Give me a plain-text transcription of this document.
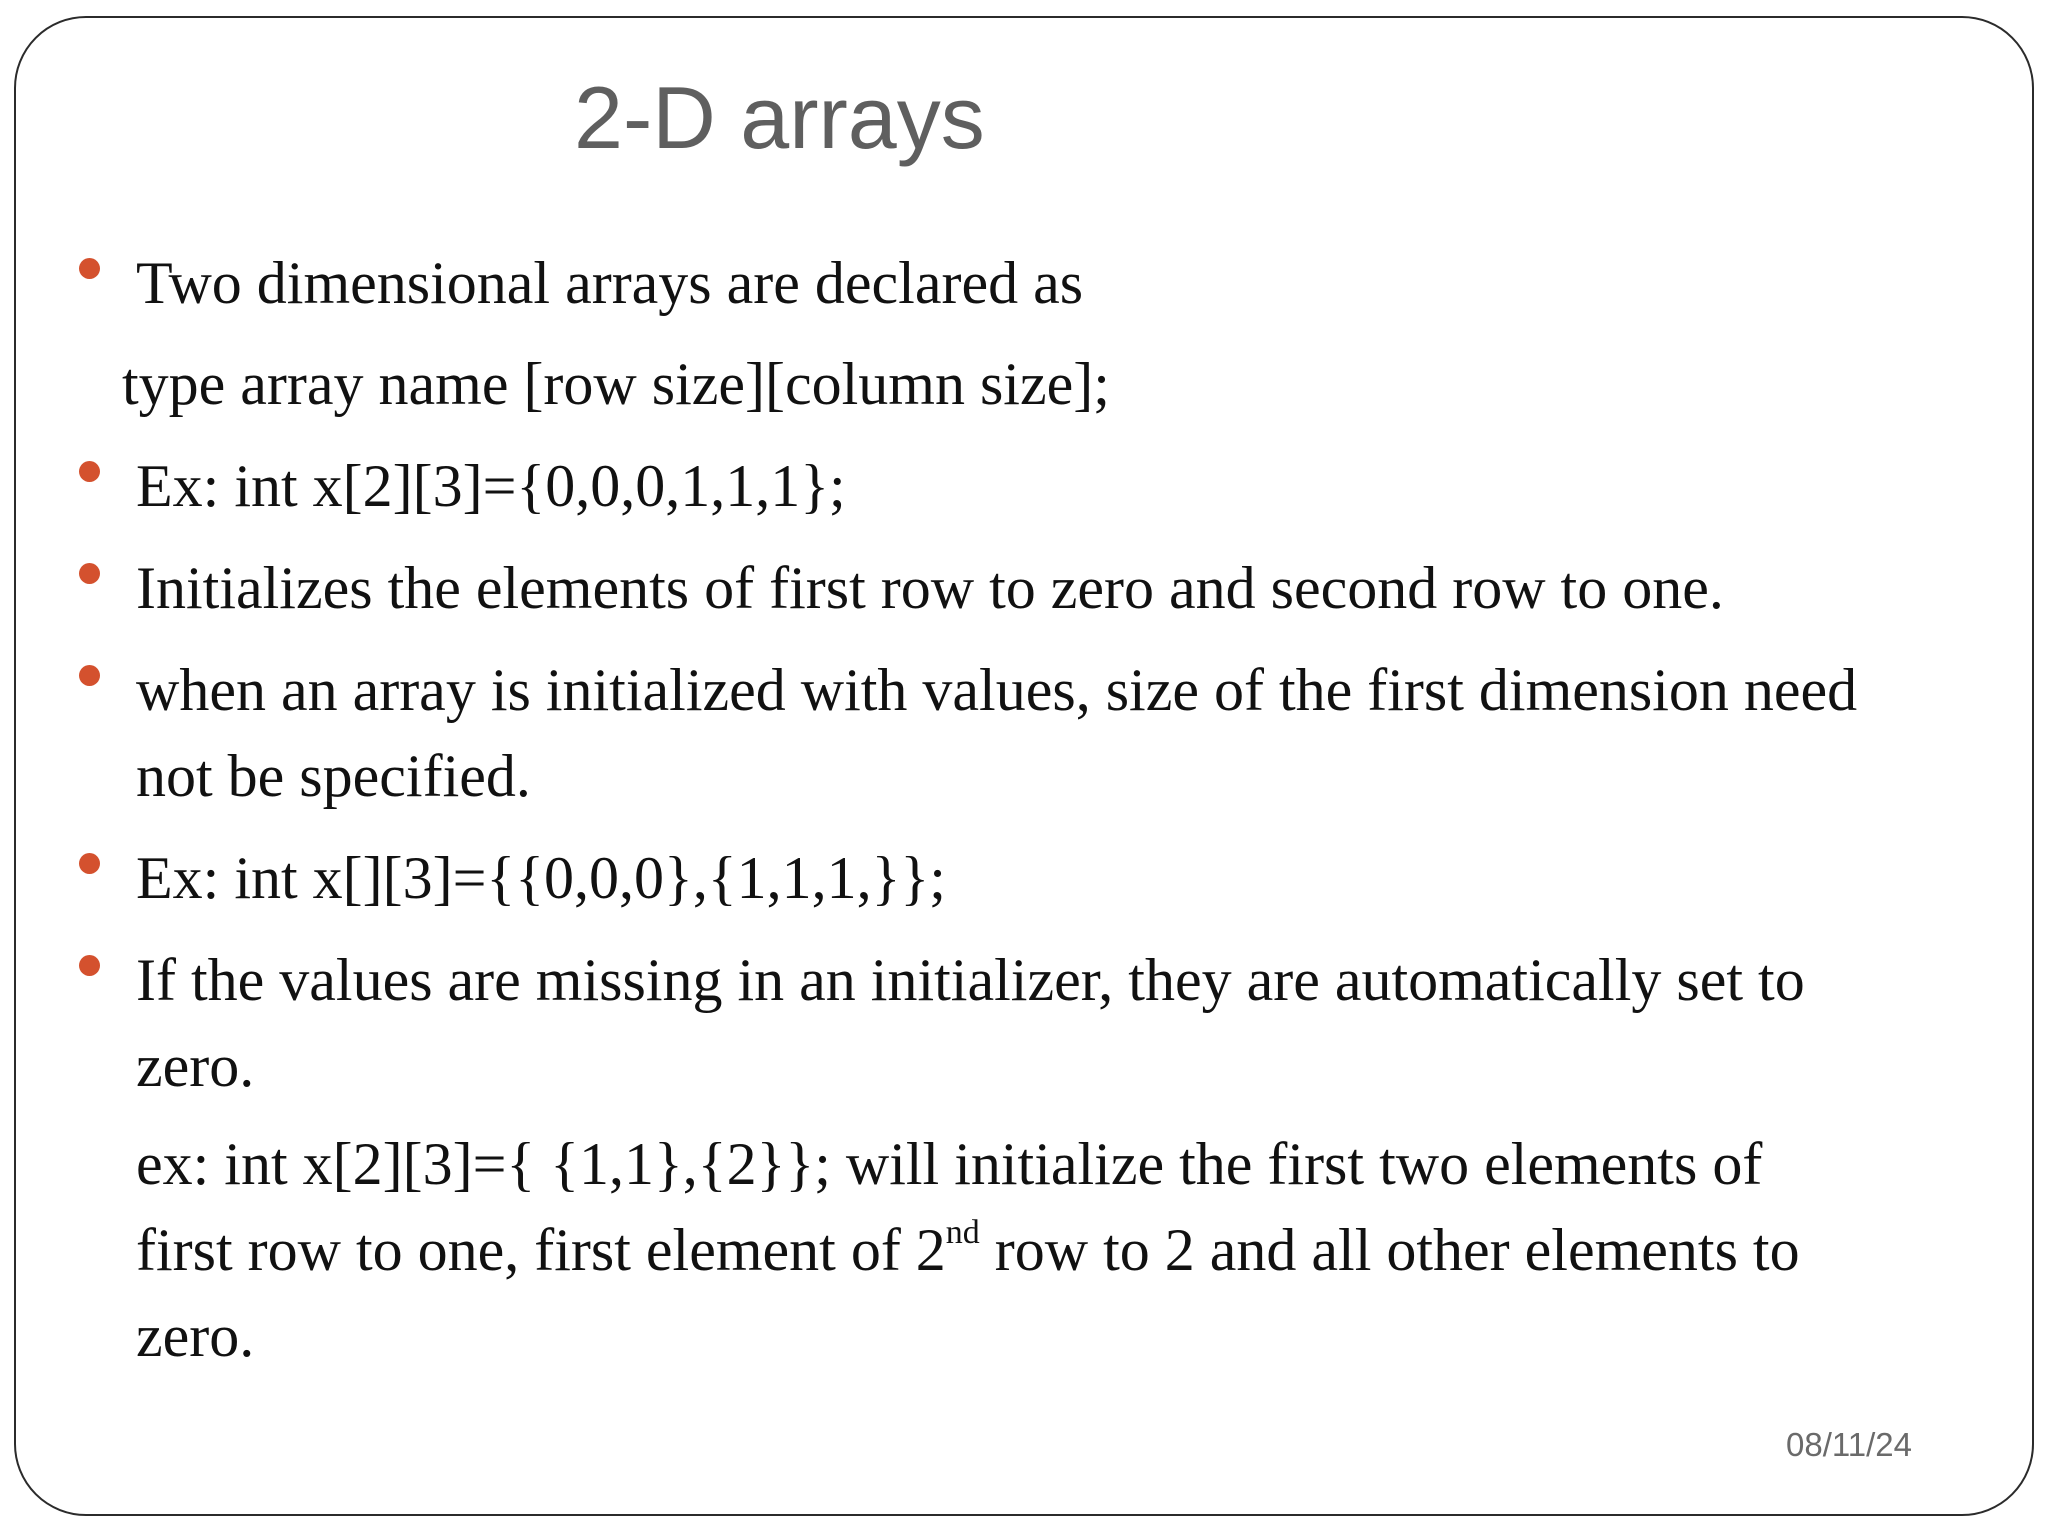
2-D arrays
Two dimensional arrays are declared as
type array name [row size][column size];
Ex: int x[2][3]={0,0,0,1,1,1};
Initializes the elements of first row to zero and second row to one.
when an array is initialized with values, size of the first dimension need
not be specified.
Ex: int x[][3]={{0,0,0},{1,1,1,}};
If the values are missing in an initializer, they are automatically set to
zero.
ex: int x[2][3]={ {1,1},{2}}; will initialize the first two elements of
first row to one, first element of 2nd row to 2 and all other elements to
zero.
08/11/24
